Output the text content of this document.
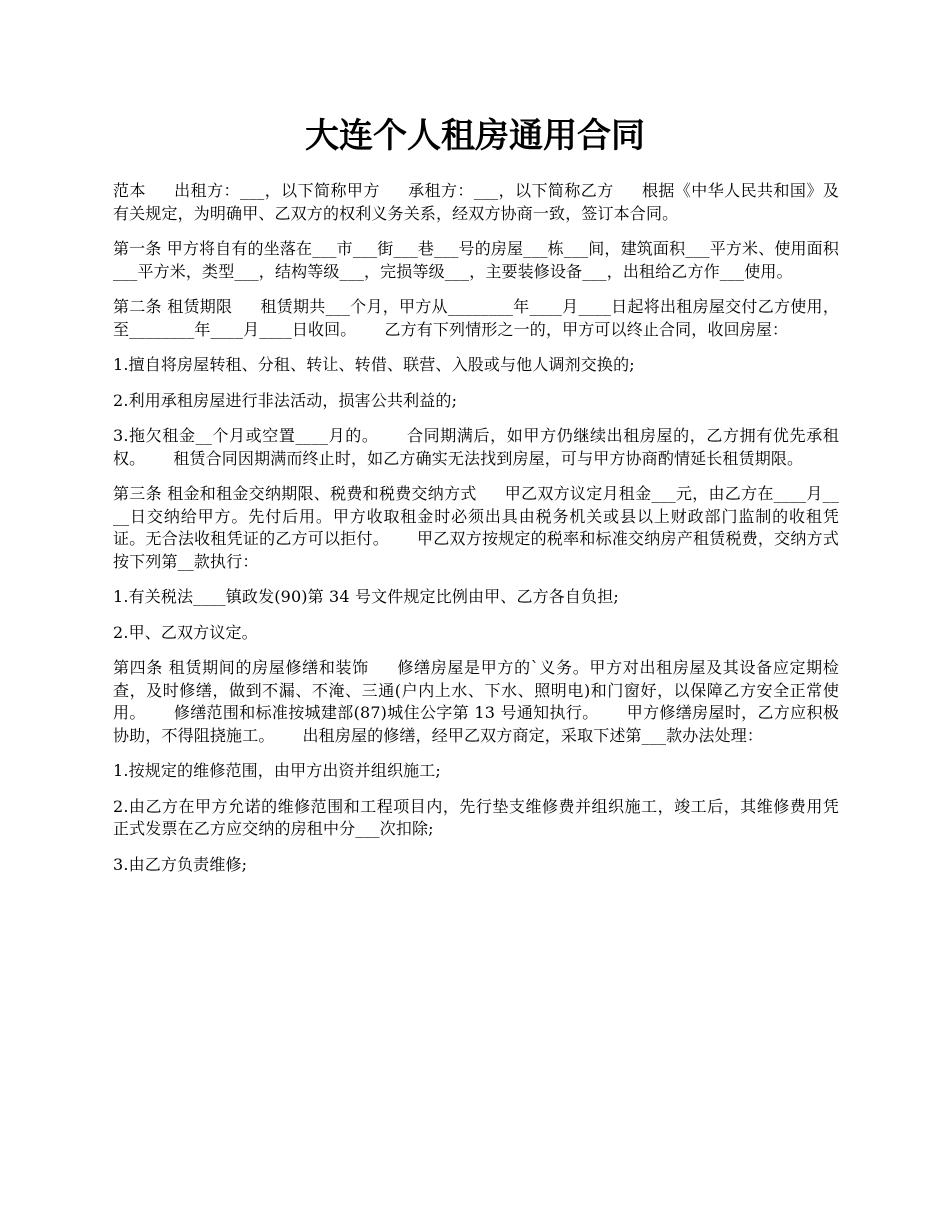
大连个人租房通用合同

范本 出租方：___，以下简称甲方 承租方：___，以下简称乙方 根据《中华人民共和国》及有关规定，为明确甲、乙双方的权利义务关系，经双方协商一致，签订本合同。

第一条 甲方将自有的坐落在___市___街___巷___号的房屋___栋___间，建筑面积___平方米、使用面积___平方米，类型___，结构等级___，完损等级___，主要装修设备___，出租给乙方作___使用。

第二条 租赁期限 租赁期共___个月，甲方从________年____月____日起将出租房屋交付乙方使用，至________年____月____日收回。 乙方有下列情形之一的，甲方可以终止合同，收回房屋：

1.擅自将房屋转租、分租、转让、转借、联营、入股或与他人调剂交换的;

2.利用承租房屋进行非法活动，损害公共利益的;

3.拖欠租金__个月或空置____月的。 合同期满后，如甲方仍继续出租房屋的，乙方拥有优先承租权。 租赁合同因期满而终止时，如乙方确实无法找到房屋，可与甲方协商酌情延长租赁期限。

第三条 租金和租金交纳期限、税费和税费交纳方式 甲乙双方议定月租金___元，由乙方在____月____日交纳给甲方。先付后用。甲方收取租金时必须出具由税务机关或县以上财政部门监制的收租凭证。无合法收租凭证的乙方可以拒付。 甲乙双方按规定的税率和标准交纳房产租赁税费，交纳方式按下列第__款执行：

1.有关税法____镇政发(90)第 34 号文件规定比例由甲、乙方各自负担;

2.甲、乙双方议定。

第四条 租赁期间的房屋修缮和装饰 修缮房屋是甲方的`义务。甲方对出租房屋及其设备应定期检查，及时修缮，做到不漏、不淹、三通(户内上水、下水、照明电)和门窗好，以保障乙方安全正常使用。 修缮范围和标准按城建部(87)城住公字第 13 号通知执行。 甲方修缮房屋时，乙方应积极协助，不得阻挠施工。 出租房屋的修缮，经甲乙双方商定，采取下述第___款办法处理：

1.按规定的维修范围，由甲方出资并组织施工;

2.由乙方在甲方允诺的维修范围和工程项目内，先行垫支维修费并组织施工，竣工后，其维修费用凭正式发票在乙方应交纳的房租中分___次扣除;

3.由乙方负责维修;
